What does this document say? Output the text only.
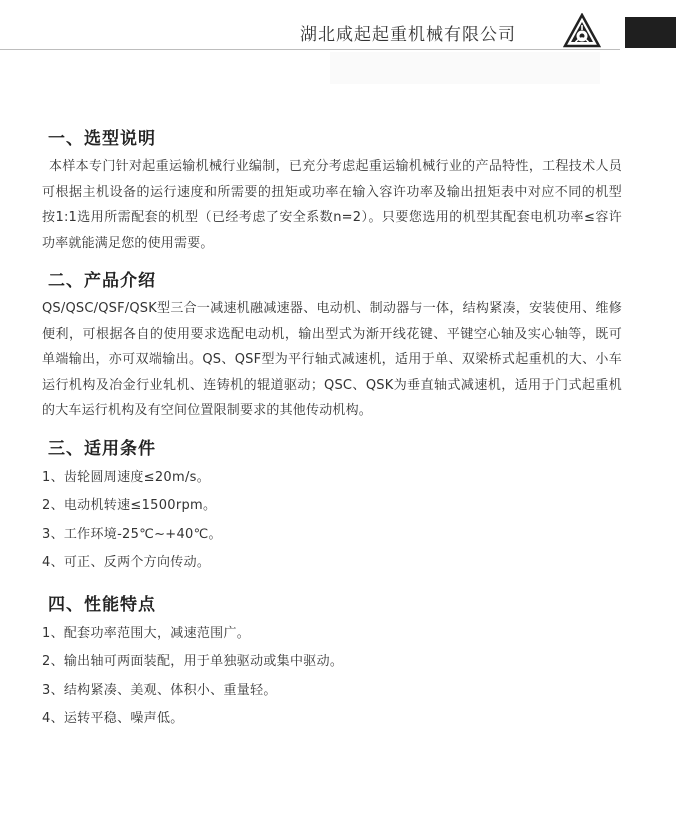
湖北咸起起重机械有限公司
一、选型说明

本样本专门针对起重运输机械行业编制，已充分考虑起重运输机械行业的产品特性，工程技术人员可根据主机设备的运行速度和所需要的扭矩或功率在输入容许功率及输出扭矩表中对应不同的机型按1:1选用所需配套的机型（已经考虑了安全系数n=2）。只要您选用的机型其配套电机功率≤容许功率就能满足您的使用需要。

二、产品介绍

QS/QSC/QSF/QSK型三合一减速机融减速器、电动机、制动器与一体，结构紧凑，安装使用、维修便利，可根据各自的使用要求选配电动机，输出型式为渐开线花键、平键空心轴及实心轴等，既可单端输出，亦可双端输出。QS、QSF型为平行轴式减速机，适用于单、双梁桥式起重机的大、小车运行机构及冶金行业轧机、连铸机的辊道驱动；QSC、QSK为垂直轴式减速机，适用于门式起重机的大车运行机构及有空间位置限制要求的其他传动机构。

三、适用条件
1、齿轮圆周速度≤20m/s。
2、电动机转速≤1500rpm。
3、工作环境-25℃~+40℃。
4、可正、反两个方向传动。
四、性能特点
1、配套功率范围大，减速范围广。
2、输出轴可两面装配，用于单独驱动或集中驱动。
3、结构紧凑、美观、体积小、重量轻。
4、运转平稳、噪声低。
